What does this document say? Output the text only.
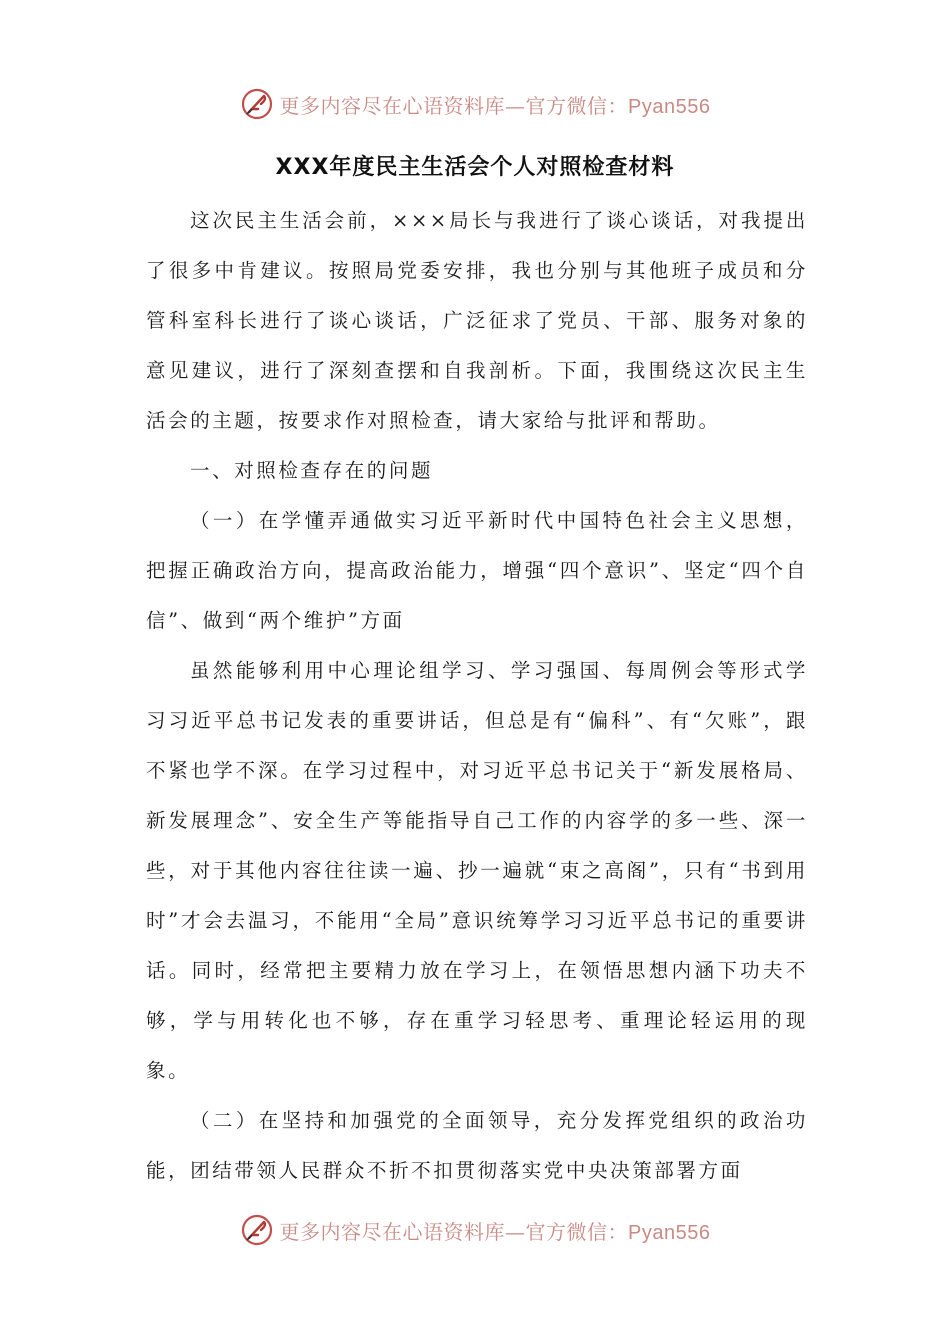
更多内容尽在心语资料库—官方微信：Pyan556
XXX年度民主生活会个人对照检查材料

这次民主生活会前，×××局长与我进行了谈心谈话，对我提出了很多中肯建议。按照局党委安排，我也分别与其他班子成员和分管科室科长进行了谈心谈话，广泛征求了党员、干部、服务对象的意见建议，进行了深刻查摆和自我剖析。下面，我围绕这次民主生活会的主题，按要求作对照检查，请大家给与批评和帮助。

一、对照检查存在的问题

（一）在学懂弄通做实习近平新时代中国特色社会主义思想，把握正确政治方向，提高政治能力，增强“四个意识”、坚定“四个自信”、做到“两个维护”方面

虽然能够利用中心理论组学习、学习强国、每周例会等形式学习习近平总书记发表的重要讲话，但总是有“偏科”、有“欠账”，跟不紧也学不深。在学习过程中，对习近平总书记关于“新发展格局、新发展理念”、安全生产等能指导自己工作的内容学的多一些、深一些，对于其他内容往往读一遍、抄一遍就“束之高阁”，只有“书到用时”才会去温习，不能用“全局”意识统筹学习习近平总书记的重要讲话。同时，经常把主要精力放在学习上，在领悟思想内涵下功夫不够，学与用转化也不够，存在重学习轻思考、重理论轻运用的现象。

（二）在坚持和加强党的全面领导，充分发挥党组织的政治功能，团结带领人民群众不折不扣贯彻落实党中央决策部署方面

更多内容尽在心语资料库—官方微信：Pyan556
